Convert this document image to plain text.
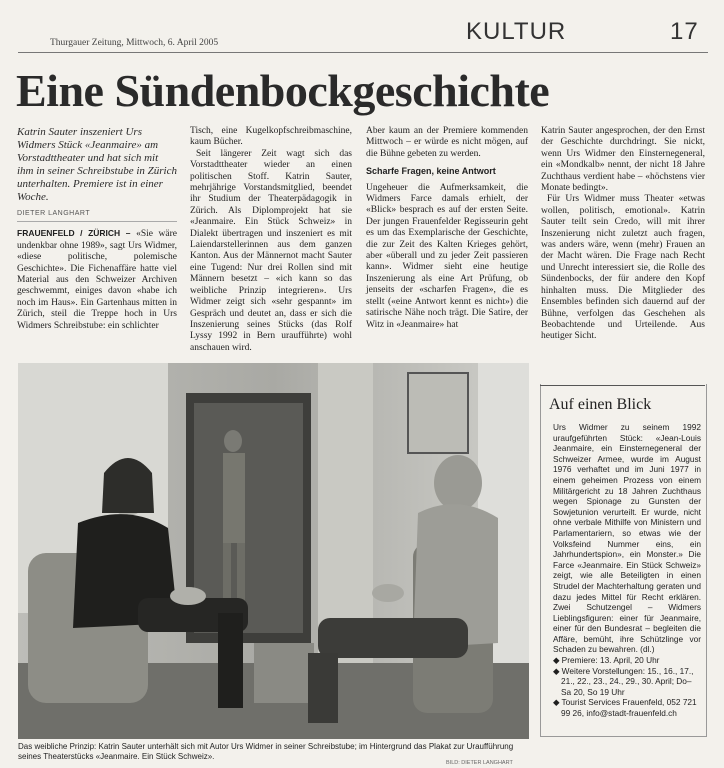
Thurgauer Zeitung, Mittwoch, 6. April 2005	KULTUR	17
Eine Sündenbockgeschichte
Katrin Sauter inszeniert Urs Widmers Stück «Jeanmaire» am Vorstadttheater und hat sich mit ihm in seiner Schreibstube in Zürich unterhalten. Premiere ist in einer Woche.
DIETER LANGHART

FRAUENFELD / ZÜRICH – «Sie wäre undenkbar ohne 1989», sagt Urs Widmer, «diese politische, polemische Geschichte». Die Fichenaffäre hatte viel Material aus den Schweizer Archiven geschwemmt, einiges davon «habe ich noch im Haus». Ein Gartenhaus mitten in Zürich, steil die Treppe hoch in Urs Widmers Schreibstube: ein schlichter

Tisch, eine Kugelkopfschreibmaschine, kaum Bücher.

Seit längerer Zeit wagt sich das Vorstadttheater wieder an einen politischen Stoff. Katrin Sauter, mehrjährige Vorstandsmitglied, beendet ihr Studium der Theaterpädagogik in Zürich. Als Diplomprojekt hat sie «Jeanmaire. Ein Stück Schweiz» in Dialekt übertragen und inszeniert es mit Laiendarstellerinnen aus dem ganzen Kanton. Aus der Männernot macht Sauter eine Tugend: Nur drei Rollen sind mit Männern besetzt – «ich kann so das weibliche Prinzip integrieren». Urs Widmer zeigt sich «sehr gespannt» im Gespräch und deutet an, dass er sich die Inszenierung seines Stücks (das Rolf Lyssy 1992 in Bern uraufführte) wohl anschauen wird.

Aber kaum an der Premiere kommenden Mittwoch – er würde es nicht mögen, auf die Bühne gebeten zu werden.

Scharfe Fragen, keine Antwort

Ungeheuer die Aufmerksamkeit, die Widmers Farce damals erhielt, der «Blick» besprach es auf der ersten Seite. Der jungen Frauenfelder Regisseurin geht es um das Exemplarische der Geschichte, die zur Zeit des Kalten Krieges gehört, aber «überall und zu jeder Zeit passieren kann». Widmer sieht eine heutige Inszenierung als eine Art Prüfung, ob jenseits der «scharfen Fragen», die es stellt («eine Antwort kennt es nicht») die satirische Nähe noch trägt. Die Satire, der Witz in «Jeanmaire» hat

Katrin Sauter angesprochen, der den Ernst der Geschichte durchdringt. Sie nickt, wenn Urs Widmer den Einsternegeneral, ein «Mondkalb» nennt, der nicht 18 Jahre Zuchthaus verdient habe – «höchstens vier Monate bedingt».

Für Urs Widmer muss Theater «etwas wollen, politisch, emotional». Katrin Sauter teilt sein Credo, will mit ihrer Inszenierung nicht zuletzt auch fragen, was anders wäre, wenn (mehr) Frauen an der Macht wären. Die Frage nach Recht und Unrecht interessiert sie, die Rolle des Sündenbocks, der für andere den Kopf hinhalten muss. Die Mitglieder des Ensembles befinden sich dauernd auf der Bühne, verfolgen das Geschehen als Beobachtende und Urteilende. Aus heutiger Sicht.

Das weibliche Prinzip: Katrin Sauter unterhält sich mit Autor Urs Widmer in seiner Schreibstube; im Hintergrund das Plakat zur Uraufführung seines Theaterstücks «Jeanmaire. Ein Stück Schweiz».
BILD: DIETER LANGHART
Auf einen Blick

Urs Widmer zu seinem 1992 uraufgeführten Stück: «Jean-Louis Jeanmaire, ein Einsternegeneral der Schweizer Armee, wurde im August 1976 verhaftet und im Juni 1977 in einem geheimen Prozess von einem Militärgericht zu 18 Jahren Zuchthaus wegen Spionage zu Gunsten der Sowjetunion verurteilt. Er wurde, nicht ohne verbale Mithilfe von Ministern und Parlamentariern, so etwas wie der Volksfeind Nummer eins, ein Jahrhundertspion», ein Monster.» Die Farce «Jeanmaire. Ein Stück Schweiz» zeigt, wie alle Beteiligten in einen Strudel der Machterhaltung geraten und dazu jedes Mittel für Recht erklären. Zwei Schutzengel – Widmers Lieblingsfiguren: einer für Jeanmaire, einer für den Bundesrat – begleiten die Affäre, bemüht, ihre Schützlinge vor Schaden zu bewahren. (dl.)

◆ Premiere: 13. April, 20 Uhr

◆ Weitere Vorstellungen: 15., 16., 17., 21., 22., 23., 24., 29., 30. April; Do–Sa 20, So 19 Uhr

◆ Tourist Services Frauenfeld, 052 721 99 26, info@stadt-frauenfeld.ch
